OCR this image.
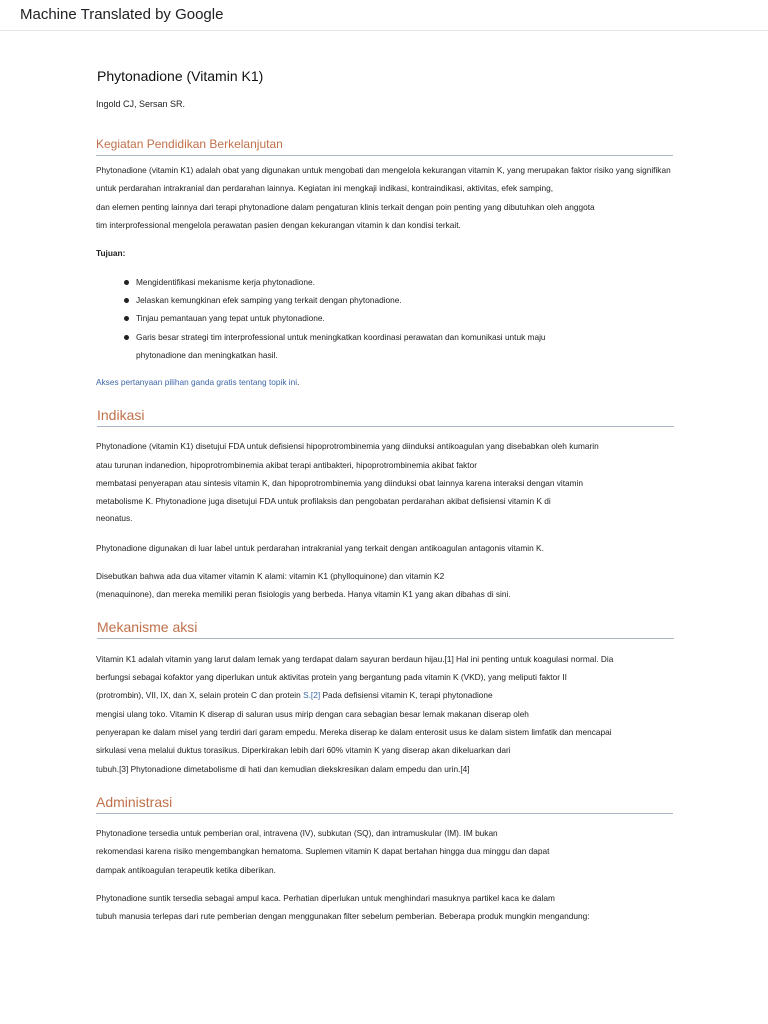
Machine Translated by Google
Phytonadione (Vitamin K1)
Ingold CJ, Sersan SR.
Kegiatan Pendidikan Berkelanjutan
Phytonadione (vitamin K1) adalah obat yang digunakan untuk mengobati dan mengelola kekurangan vitamin K, yang merupakan faktor risiko yang signifikan
untuk perdarahan intrakranial dan perdarahan lainnya. Kegiatan ini mengkaji indikasi, kontraindikasi, aktivitas, efek samping,
dan elemen penting lainnya dari terapi phytonadione dalam pengaturan klinis terkait dengan poin penting yang dibutuhkan oleh anggota
tim interprofessional mengelola perawatan pasien dengan kekurangan vitamin k dan kondisi terkait.
Tujuan:
Mengidentifikasi mekanisme kerja phytonadione.
Jelaskan kemungkinan efek samping yang terkait dengan phytonadione.
Tinjau pemantauan yang tepat untuk phytonadione.
Garis besar strategi tim interprofessional untuk meningkatkan koordinasi perawatan dan komunikasi untuk maju
phytonadione dan meningkatkan hasil.
Akses pertanyaan pilihan ganda gratis tentang topik ini.
Indikasi
Phytonadione (vitamin K1) disetujui FDA untuk defisiensi hipoprotrombinemia yang diinduksi antikoagulan yang disebabkan oleh kumarin
atau turunan indanedion, hipoprotrombinemia akibat terapi antibakteri, hipoprotrombinemia akibat faktor
membatasi penyerapan atau sintesis vitamin K, dan hipoprotrombinemia yang diinduksi obat lainnya karena interaksi dengan vitamin
metabolisme K. Phytonadione juga disetujui FDA untuk profilaksis dan pengobatan perdarahan akibat defisiensi vitamin K di
neonatus.
Phytonadione digunakan di luar label untuk perdarahan intrakranial yang terkait dengan antikoagulan antagonis vitamin K.
Disebutkan bahwa ada dua vitamer vitamin K alami: vitamin K1 (phylloquinone) dan vitamin K2
(menaquinone), dan mereka memiliki peran fisiologis yang berbeda. Hanya vitamin K1 yang akan dibahas di sini.
Mekanisme aksi
Vitamin K1 adalah vitamin yang larut dalam lemak yang terdapat dalam sayuran berdaun hijau.[1] Hal ini penting untuk koagulasi normal. Dia
berfungsi sebagai kofaktor yang diperlukan untuk aktivitas protein yang bergantung pada vitamin K (VKD), yang meliputi faktor II
(protrombin), VII, IX, dan X, selain protein C dan protein S.[2] Pada defisiensi vitamin K, terapi phytonadione
mengisi ulang toko. Vitamin K diserap di saluran usus mirip dengan cara sebagian besar lemak makanan diserap oleh
penyerapan ke dalam misel yang terdiri dari garam empedu. Mereka diserap ke dalam enterosit usus ke dalam sistem limfatik dan mencapai
sirkulasi vena melalui duktus torasikus. Diperkirakan lebih dari 60% vitamin K yang diserap akan dikeluarkan dari
tubuh.[3] Phytonadione dimetabolisme di hati dan kemudian diekskresikan dalam empedu dan urin.[4]
Administrasi
Phytonadione tersedia untuk pemberian oral, intravena (IV), subkutan (SQ), dan intramuskular (IM). IM bukan
rekomendasi karena risiko mengembangkan hematoma. Suplemen vitamin K dapat bertahan hingga dua minggu dan dapat
dampak antikoagulan terapeutik ketika diberikan.
Phytonadione suntik tersedia sebagai ampul kaca. Perhatian diperlukan untuk menghindari masuknya partikel kaca ke dalam
tubuh manusia terlepas dari rute pemberian dengan menggunakan filter sebelum pemberian. Beberapa produk mungkin mengandung:
